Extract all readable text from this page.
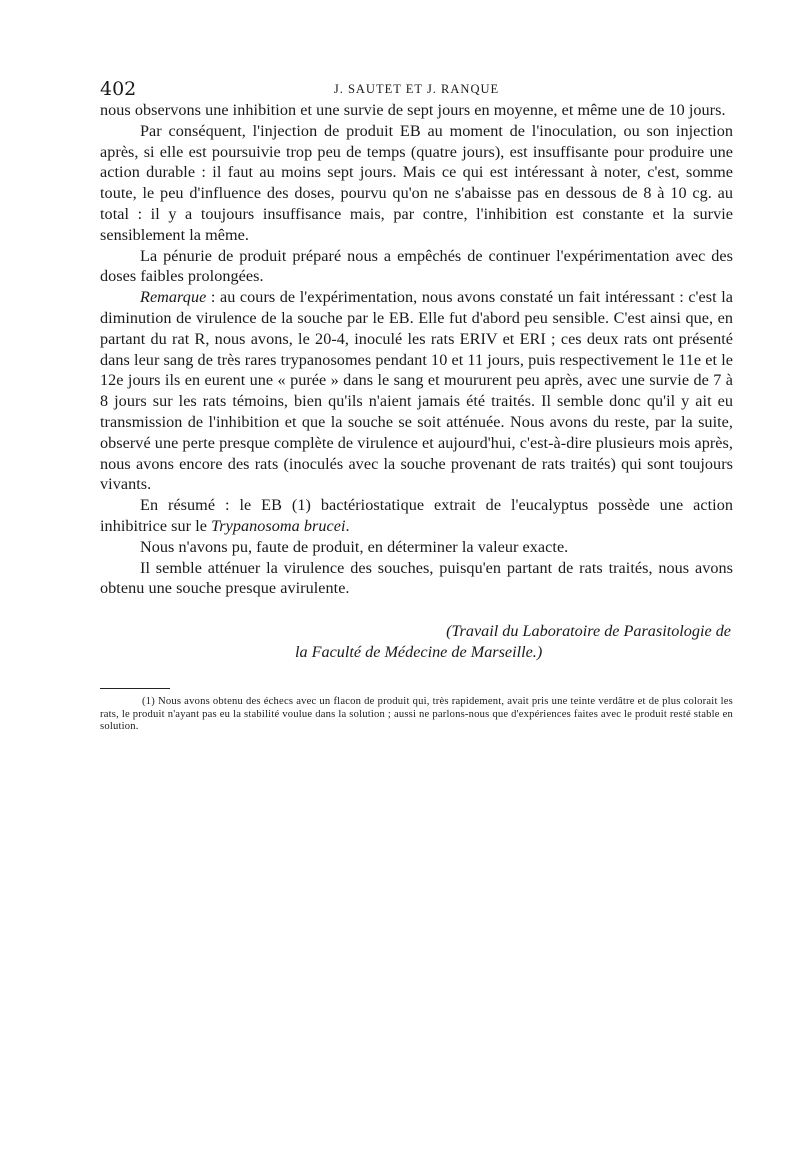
402	J. SAUTET ET J. RANQUE

nous observons une inhibition et une survie de sept jours en moyenne, et même une de 10 jours.

Par conséquent, l'injection de produit EB au moment de l'inoculation, ou son injection après, si elle est poursuivie trop peu de temps (quatre jours), est insuffisante pour produire une action durable : il faut au moins sept jours. Mais ce qui est intéressant à noter, c'est, somme toute, le peu d'influence des doses, pourvu qu'on ne s'abaisse pas en dessous de 8 à 10 cg. au total : il y a toujours insuffisance mais, par contre, l'inhibition est constante et la survie sensiblement la même.

La pénurie de produit préparé nous a empêchés de continuer l'expérimentation avec des doses faibles prolongées.

Remarque : au cours de l'expérimentation, nous avons constaté un fait intéressant : c'est la diminution de virulence de la souche par le EB. Elle fut d'abord peu sensible. C'est ainsi que, en partant du rat R, nous avons, le 20-4, inoculé les rats ERIV et ERI ; ces deux rats ont présenté dans leur sang de très rares trypanosomes pendant 10 et 11 jours, puis respectivement le 11e et le 12e jours ils en eurent une « purée » dans le sang et moururent peu après, avec une survie de 7 à 8 jours sur les rats témoins, bien qu'ils n'aient jamais été traités. Il semble donc qu'il y ait eu transmission de l'inhibition et que la souche se soit atténuée. Nous avons du reste, par la suite, observé une perte presque complète de virulence et aujourd'hui, c'est-à-dire plusieurs mois après, nous avons encore des rats (inoculés avec la souche provenant de rats traités) qui sont toujours vivants.

En résumé : le EB (1) bactériostatique extrait de l'eucalyptus possède une action inhibitrice sur le Trypanosoma brucei.

Nous n'avons pu, faute de produit, en déterminer la valeur exacte.

Il semble atténuer la virulence des souches, puisqu'en partant de rats traités, nous avons obtenu une souche presque avirulente.

(Travail du Laboratoire de Parasitologie de
la Faculté de Médecine de Marseille.)
(1) Nous avons obtenu des échecs avec un flacon de produit qui, très rapidement, avait pris une teinte verdâtre et de plus colorait les rats, le produit n'ayant pas eu la stabilité voulue dans la solution ; aussi ne parlons-nous que d'expériences faites avec le produit resté stable en solution.
